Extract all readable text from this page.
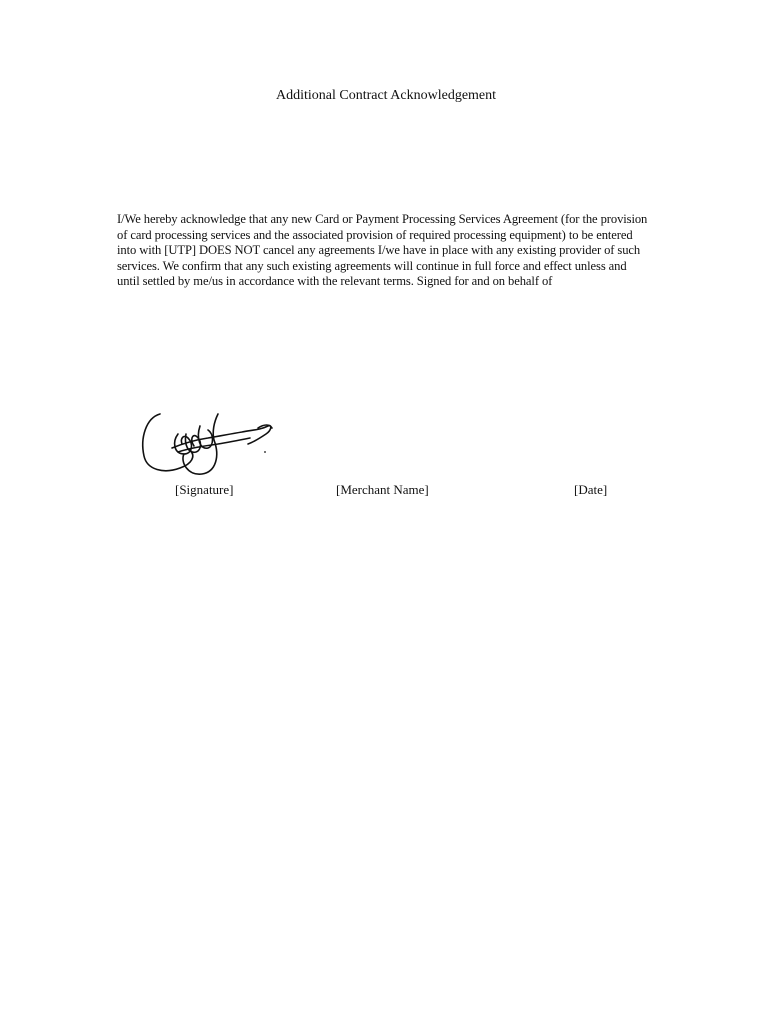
Additional Contract Acknowledgement
I/We hereby acknowledge that any new Card or Payment Processing Services Agreement (for the provision
of card processing services and the associated provision of required processing equipment) to be entered
into with [UTP] DOES NOT cancel any agreements I/we have in place with any existing provider of such
services. We confirm that any such existing agreements will continue in full force and effect unless and
until settled by me/us in accordance with the relevant terms. Signed for and on behalf of
[Signature]	[Merchant Name]	[Date]
